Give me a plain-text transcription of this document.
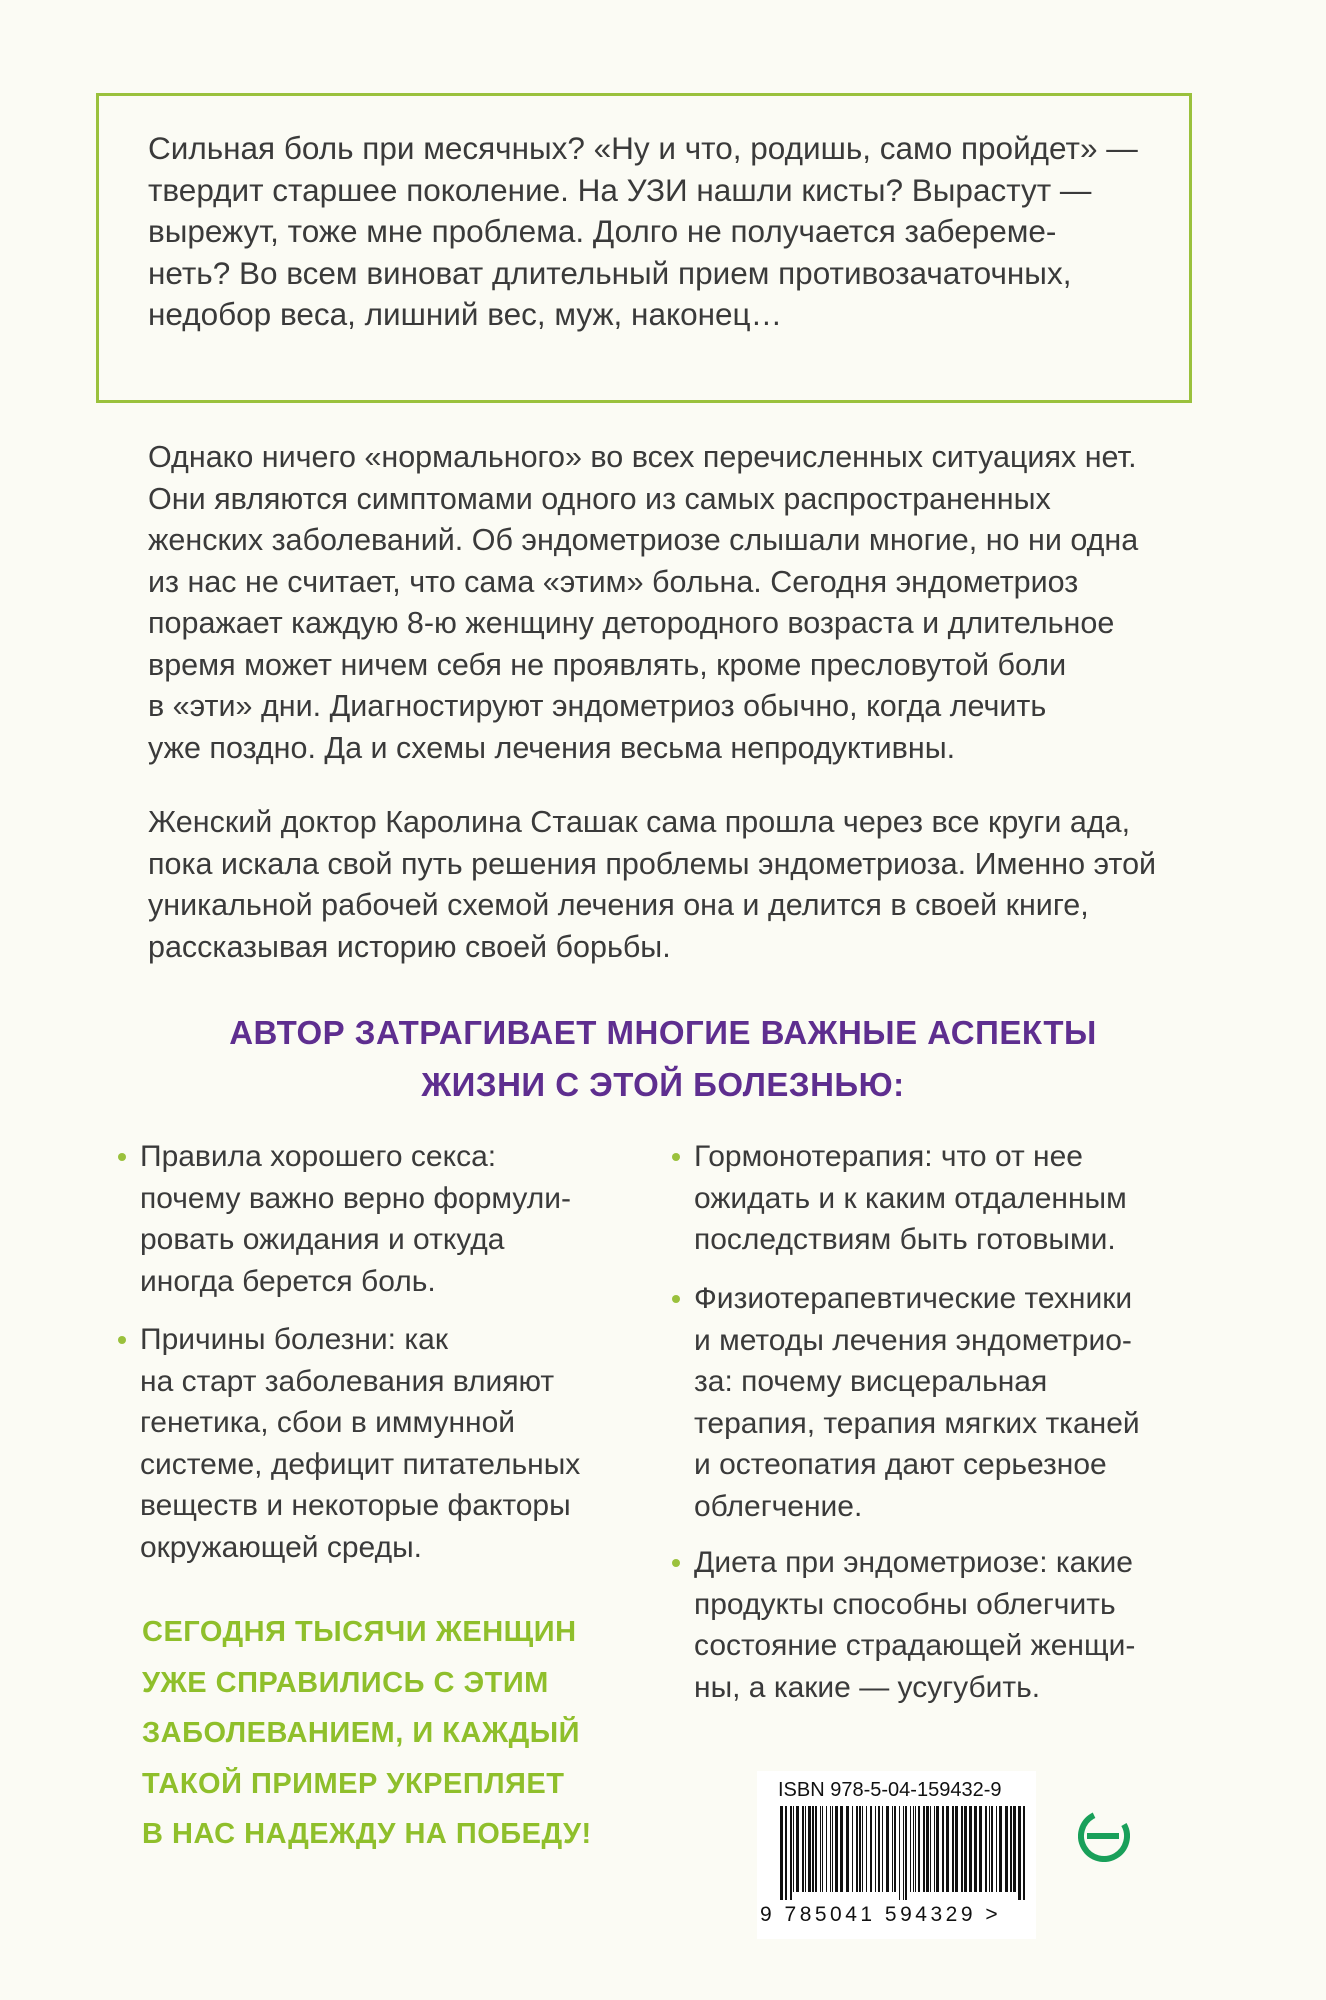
Сильная боль при месячных? «Ну и что, родишь, само пройдет» —
твердит старшее поколение. На УЗИ нашли кисты? Вырастут —
вырежут, тоже мне проблема. Долго не получается забереме-
неть? Во всем виноват длительный прием противозачаточных,
недобор веса, лишний вес, муж, наконец…
Однако ничего «нормального» во всех перечисленных ситуациях нет.
Они являются симптомами одного из самых распространенных
женских заболеваний. Об эндометриозе слышали многие, но ни одна
из нас не считает, что сама «этим» больна. Сегодня эндометриоз
поражает каждую 8-ю женщину детородного возраста и длительное
время может ничем себя не проявлять, кроме пресловутой боли
в «эти» дни. Диагностируют эндометриоз обычно, когда лечить
уже поздно. Да и схемы лечения весьма непродуктивны.
Женский доктор Каролина Сташак сама прошла через все круги ада,
пока искала свой путь решения проблемы эндометриоза. Именно этой
уникальной рабочей схемой лечения она и делится в своей книге,
рассказывая историю своей борьбы.
АВТОР ЗАТРАГИВАЕТ МНОГИЕ ВАЖНЫЕ АСПЕКТЫ
ЖИЗНИ С ЭТОЙ БОЛЕЗНЬЮ:
Правила хорошего секса:
почему важно верно формули-
ровать ожидания и откуда
иногда берется боль.
Причины болезни: как
на старт заболевания влияют
генетика, сбои в иммунной
системе, дефицит питательных
веществ и некоторые факторы
окружающей среды.
Гормонотерапия: что от нее
ожидать и к каким отдаленным
последствиям быть готовыми.
Физиотерапевтические техники
и методы лечения эндометрио-
за: почему висцеральная
терапия, терапия мягких тканей
и остеопатия дают серьезное
облегчение.
Диета при эндометриозе: какие
продукты способны облегчить
состояние страдающей женщи-
ны, а какие — усугубить.
СЕГОДНЯ ТЫСЯЧИ ЖЕНЩИН
УЖЕ СПРАВИЛИСЬ С ЭТИМ
ЗАБОЛЕВАНИЕМ, И КАЖДЫЙ
ТАКОЙ ПРИМЕР УКРЕПЛЯЕТ
В НАС НАДЕЖДУ НА ПОБЕДУ!
ISBN 978-5-04-159432-9
9 785041 594329 >
